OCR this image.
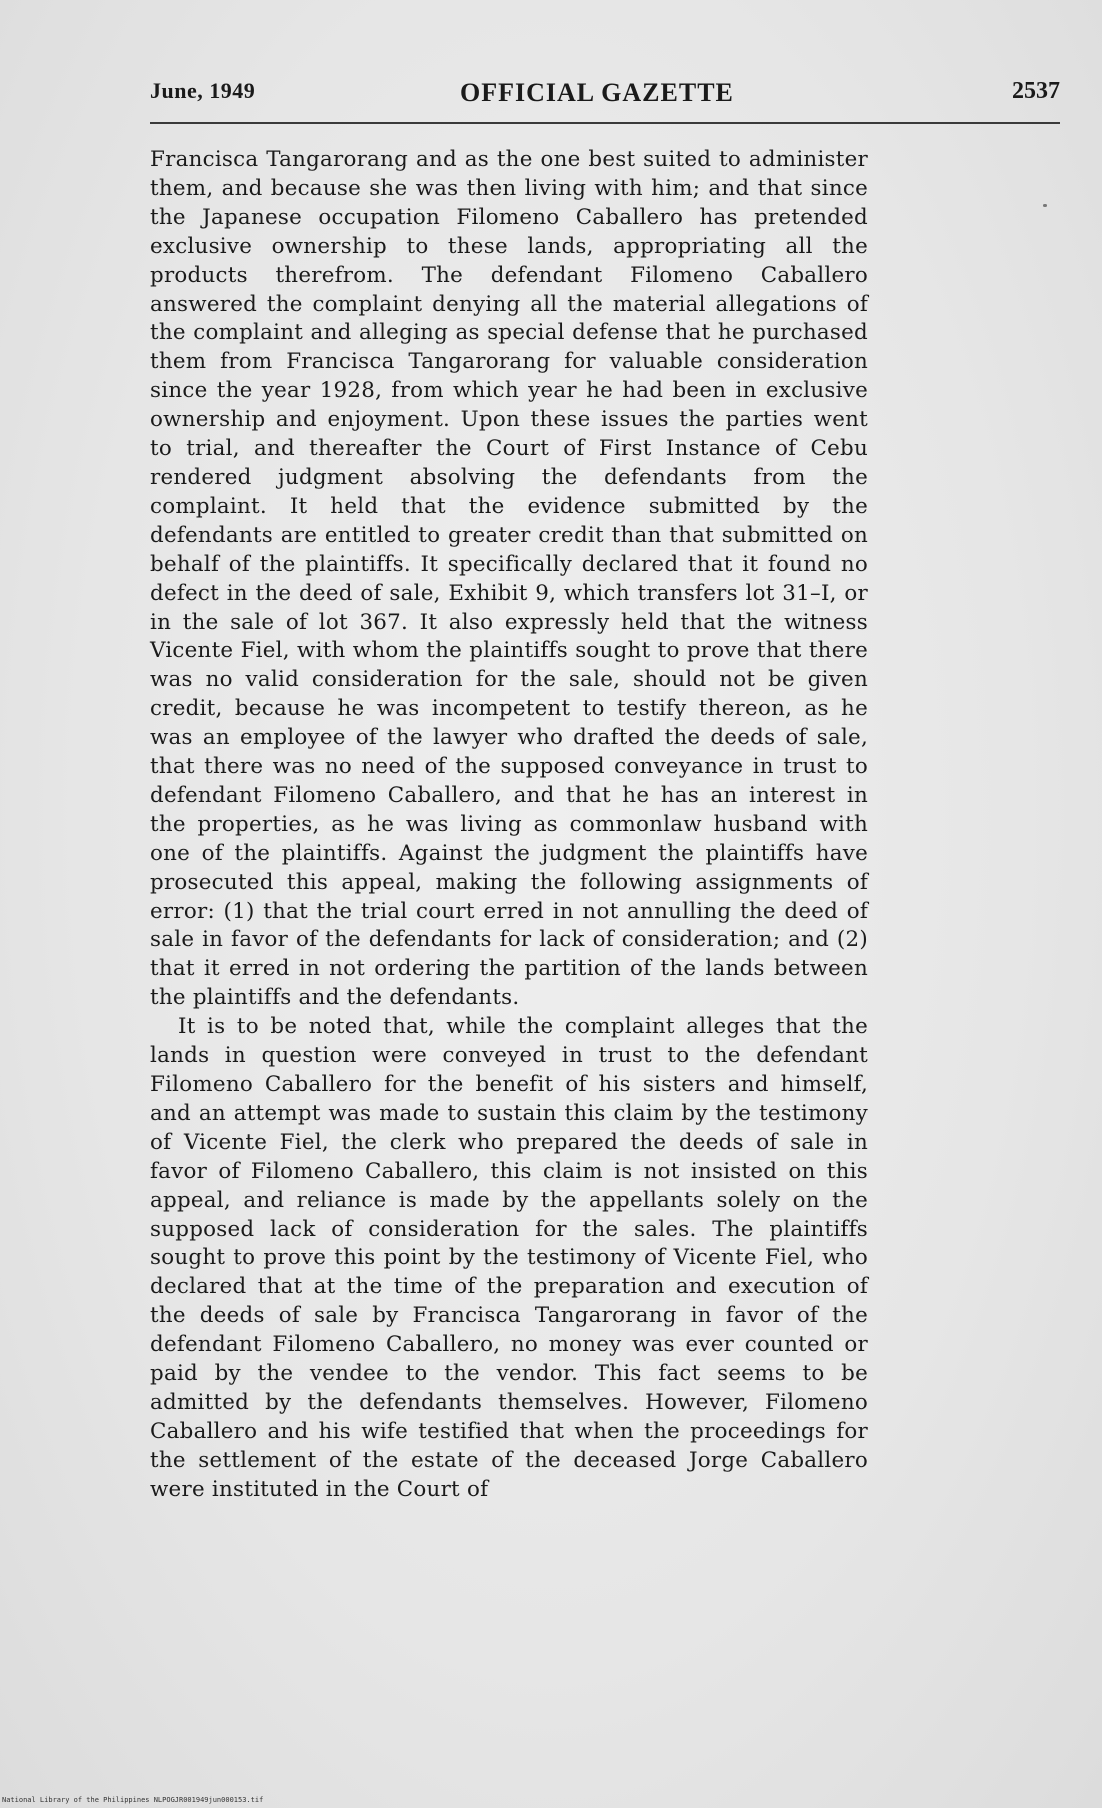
June, 1949	OFFICIAL GAZETTE	2537

Francisca Tangarorang and as the one best suited to administer them, and because she was then living with him; and that since the Japanese occupation Filomeno Caballero has pretended exclusive ownership to these lands, appropriating all the products therefrom. The defendant Filomeno Caballero answered the complaint denying all the material allegations of the complaint and alleging as special defense that he purchased them from Francisca Tangarorang for valuable consideration since the year 1928, from which year he had been in exclusive ownership and enjoyment. Upon these issues the parties went to trial, and thereafter the Court of First Instance of Cebu rendered judgment absolving the defendants from the complaint. It held that the evidence submitted by the defendants are entitled to greater credit than that submitted on behalf of the plaintiffs. It specifically declared that it found no defect in the deed of sale, Exhibit 9, which transfers lot 31–I, or in the sale of lot 367. It also expressly held that the witness Vicente Fiel, with whom the plaintiffs sought to prove that there was no valid consideration for the sale, should not be given credit, because he was incompetent to testify thereon, as he was an employee of the lawyer who drafted the deeds of sale, that there was no need of the supposed conveyance in trust to defendant Filomeno Caballero, and that he has an interest in the properties, as he was living as commonlaw husband with one of the plaintiffs. Against the judgment the plaintiffs have prosecuted this appeal, making the following assignments of error: (1) that the trial court erred in not annulling the deed of sale in favor of the defendants for lack of consideration; and (2) that it erred in not ordering the partition of the lands between the plaintiffs and the defendants.

It is to be noted that, while the complaint alleges that the lands in question were conveyed in trust to the defendant Filomeno Caballero for the benefit of his sisters and himself, and an attempt was made to sustain this claim by the testimony of Vicente Fiel, the clerk who prepared the deeds of sale in favor of Filomeno Caballero, this claim is not insisted on this appeal, and reliance is made by the appellants solely on the supposed lack of consideration for the sales. The plaintiffs sought to prove this point by the testimony of Vicente Fiel, who declared that at the time of the preparation and execution of the deeds of sale by Francisca Tangarorang in favor of the defendant Filomeno Caballero, no money was ever counted or paid by the vendee to the vendor. This fact seems to be admitted by the defendants themselves. However, Filomeno Caballero and his wife testified that when the proceedings for the settlement of the estate of the deceased Jorge Caballero were instituted in the Court of

National Library of the Philippines NLPOGJR001949jun000153.tif
